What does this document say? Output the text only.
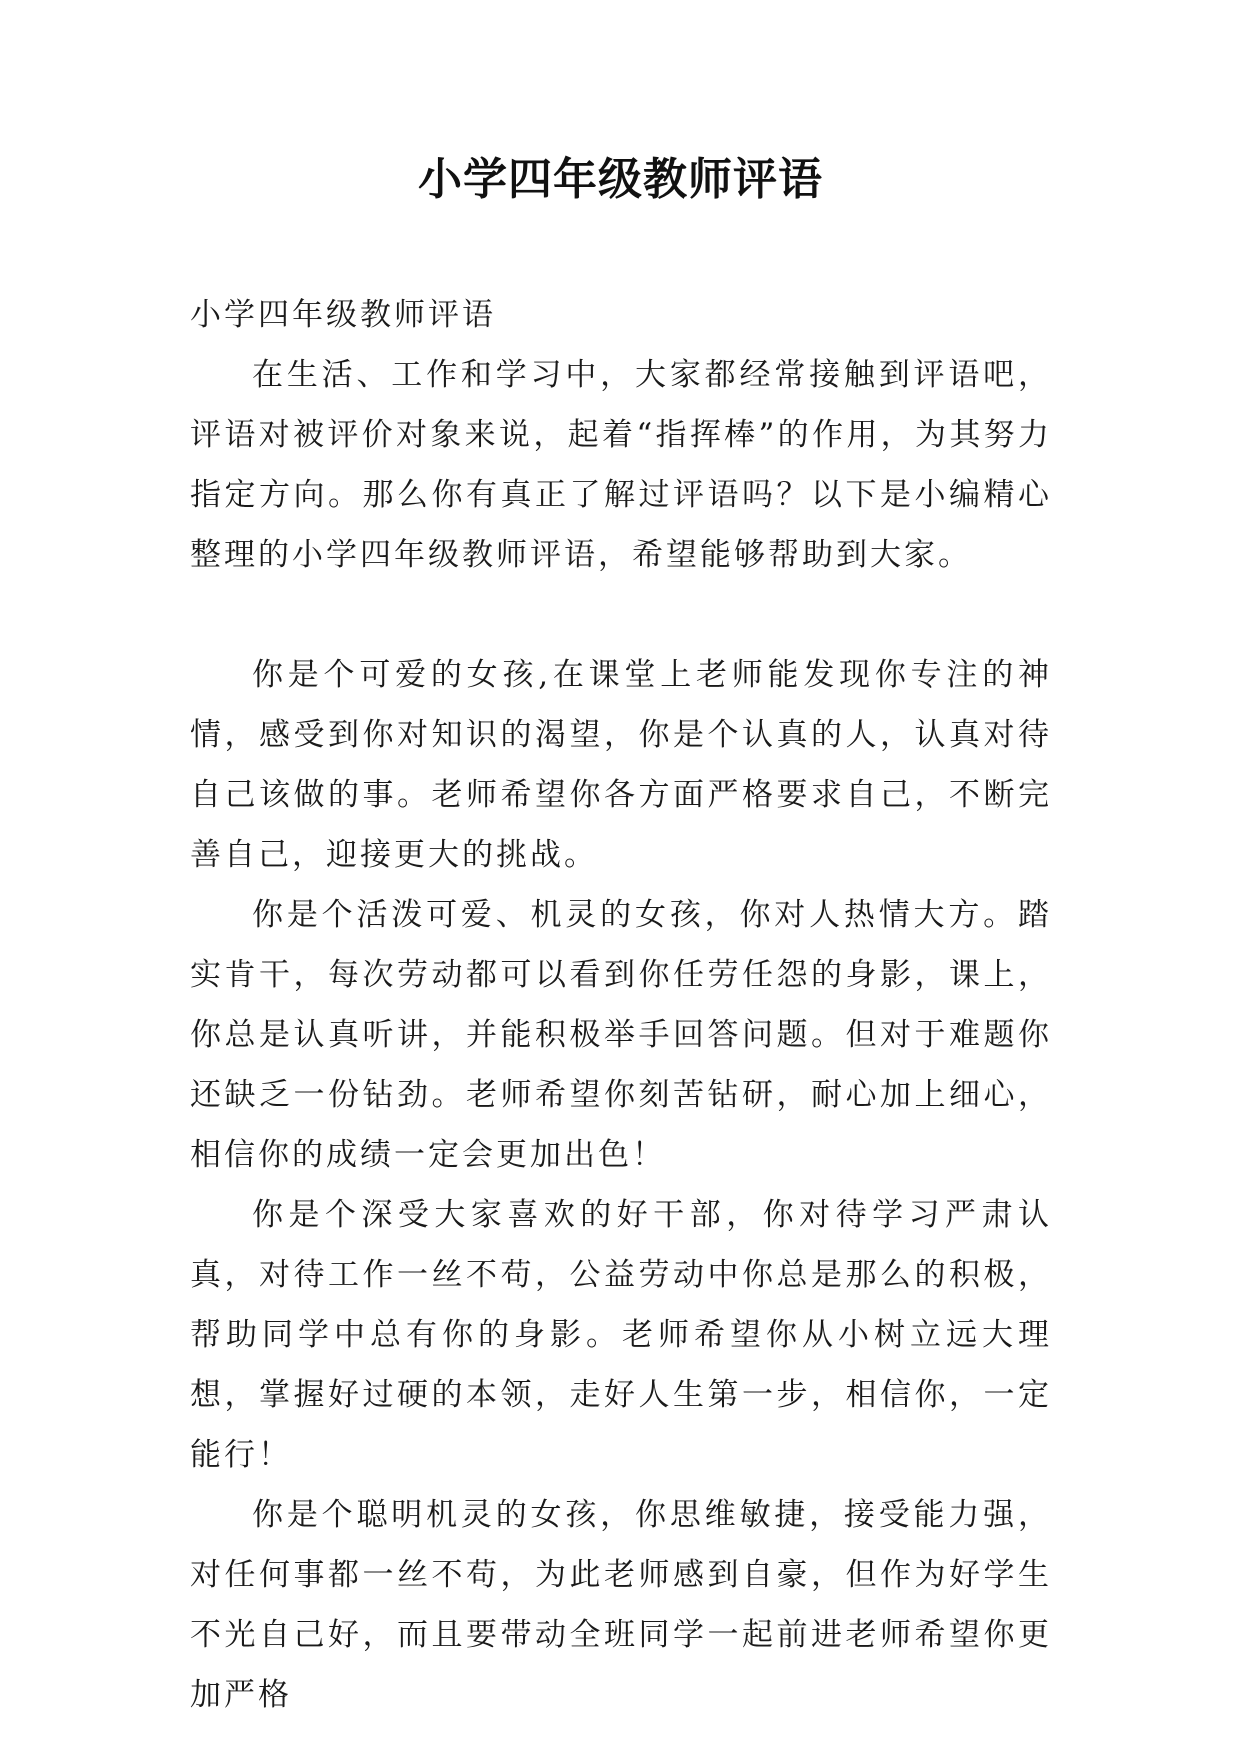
小学四年级教师评语

小学四年级教师评语

在生活、工作和学习中，大家都经常接触到评语吧，评语对被评价对象来说，起着“指挥棒”的作用，为其努力指定方向。那么你有真正了解过评语吗？以下是小编精心整理的小学四年级教师评语，希望能够帮助到大家。

你是个可爱的女孩,在课堂上老师能发现你专注的神情，感受到你对知识的渴望，你是个认真的人，认真对待自己该做的事。老师希望你各方面严格要求自己，不断完善自己，迎接更大的挑战。

你是个活泼可爱、机灵的女孩，你对人热情大方。踏实肯干，每次劳动都可以看到你任劳任怨的身影，课上，你总是认真听讲，并能积极举手回答问题。但对于难题你还缺乏一份钻劲。老师希望你刻苦钻研，耐心加上细心，相信你的成绩一定会更加出色！

你是个深受大家喜欢的好干部，你对待学习严肃认真，对待工作一丝不苟，公益劳动中你总是那么的积极，帮助同学中总有你的身影。老师希望你从小树立远大理想，掌握好过硬的本领，走好人生第一步，相信你，一定能行！

你是个聪明机灵的女孩，你思维敏捷，接受能力强，对任何事都一丝不苟，为此老师感到自豪，但作为好学生不光自己好，而且要带动全班同学一起前进老师希望你更加严格
